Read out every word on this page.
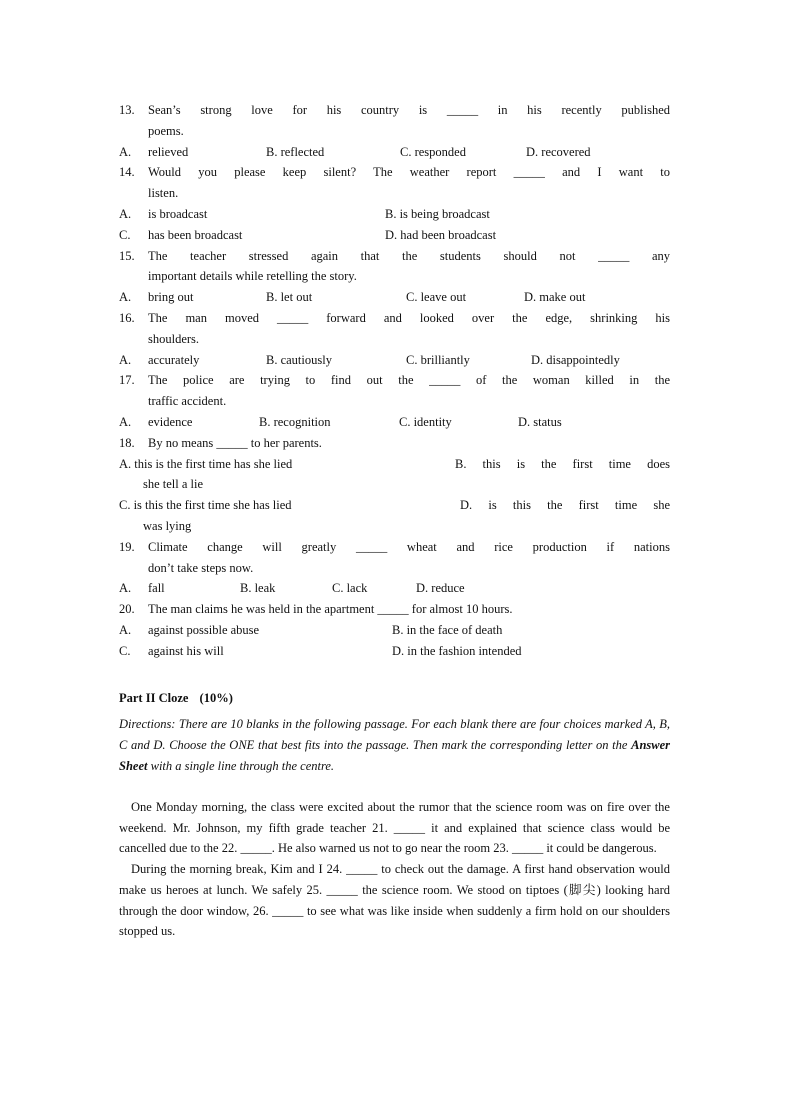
13.	Sean’s strong love for his country is _____ in his recently published
poems.
A.	relieved	B. reflected	C. responded	D. recovered
14.	Would you please keep silent? The weather report _____ and I want to
listen.
A.	is broadcast	B. is being broadcast
C.	has been broadcast	D. had been broadcast
15.	The teacher stressed again that the students should not _____ any
important details while retelling the story.
A.	bring out	B. let out	C. leave out	D. make out
16.	The man moved _____ forward and looked over the edge, shrinking his
shoulders.
A.	accurately	B. cautiously	C. brilliantly	D. disappointedly
17.	The police are trying to find out the _____ of the woman killed in the
traffic accident.
A.	evidence	B. recognition	C. identity	D. status
18.	By no means _____ to her parents.
A. this is the first time has she lied	B. this is the first time does
she tell a lie
C. is this the first time she has lied	D. is this the first time she
was lying
19.	Climate change will greatly _____ wheat and rice production if nations
don’t take steps now.
A.	fall	B. leak	C. lack	D. reduce
20.	The man claims he was held in the apartment _____ for almost 10 hours.
A.	against possible abuse	B. in the face of death
C.	against his will	D. in the fashion intended
Part II Cloze (10%)
Directions: There are 10 blanks in the following passage. For each blank there are four choices marked A, B, C and D. Choose the ONE that best fits into the passage. Then mark the corresponding letter on the Answer Sheet with a single line through the centre.

One Monday morning, the class were excited about the rumor that the science room was on fire over the weekend. Mr. Johnson, my fifth grade teacher 21. _____ it and explained that science class would be cancelled due to the 22. _____. He also warned us not to go near the room 23. _____ it could be dangerous.

During the morning break, Kim and I 24. _____ to check out the damage. A first hand observation would make us heroes at lunch. We safely 25. _____ the science room. We stood on tiptoes (脚尖) looking hard through the door window, 26. _____ to see what was like inside when suddenly a firm hold on our shoulders stopped us.
